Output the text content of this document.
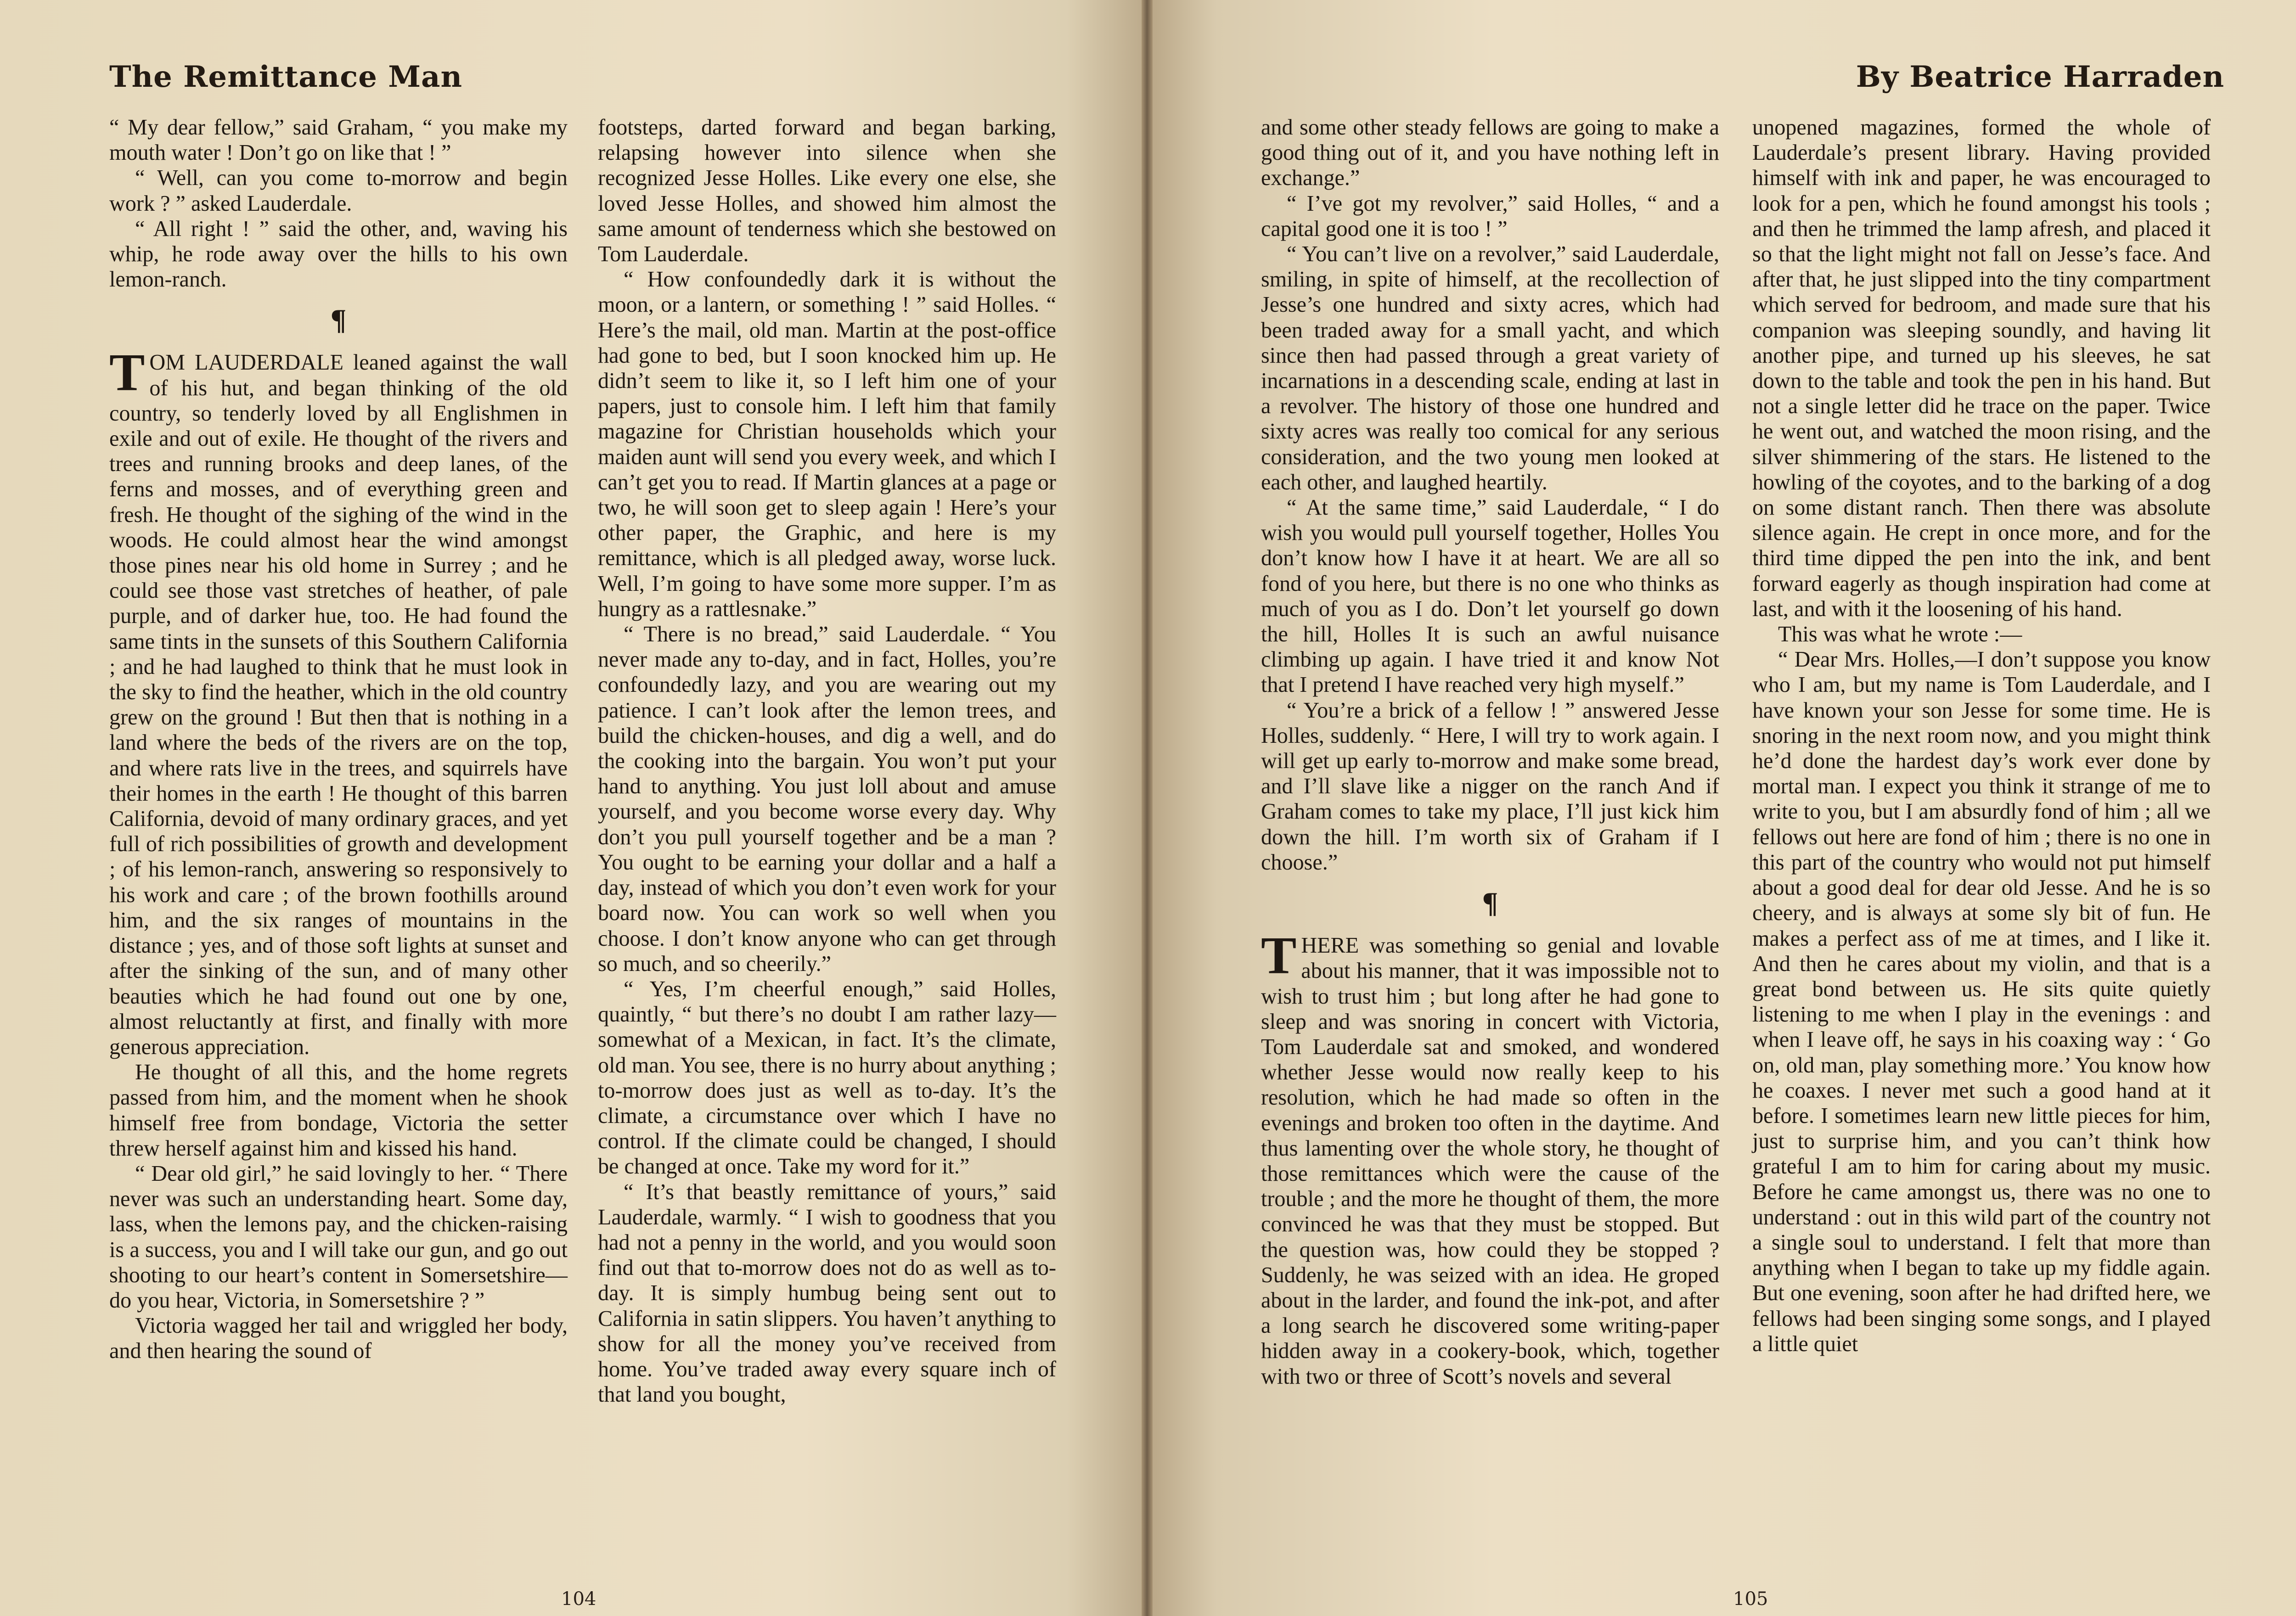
The Remittance Man

“ My dear fellow,” said Graham, “ you make my mouth water ! Don’t go on like that ! ”

“ Well, can you come to-morrow and begin work ? ” asked Lauderdale.

“ All right ! ” said the other, and, waving his whip, he rode away over the hills to his own lemon-ranch.

¶

TOM LAUDERDALE leaned against the wall of his hut, and began thinking of the old country, so tenderly loved by all Englishmen in exile and out of exile. He thought of the rivers and trees and running brooks and deep lanes, of the ferns and mosses, and of everything green and fresh. He thought of the sighing of the wind in the woods. He could almost hear the wind amongst those pines near his old home in Surrey ; and he could see those vast stretches of heather, of pale purple, and of darker hue, too. He had found the same tints in the sunsets of this Southern California ; and he had laughed to think that he must look in the sky to find the heather, which in the old country grew on the ground ! But then that is nothing in a land where the beds of the rivers are on the top, and where rats live in the trees, and squirrels have their homes in the earth ! He thought of this barren California, devoid of many ordinary graces, and yet full of rich possibilities of growth and development ; of his lemon-ranch, answering so responsively to his work and care ; of the brown foothills around him, and the six ranges of mountains in the distance ; yes, and of those soft lights at sunset and after the sinking of the sun, and of many other beauties which he had found out one by one, almost reluctantly at first, and finally with more generous appreciation.

He thought of all this, and the home regrets passed from him, and the moment when he shook himself free from bondage, Victoria the setter threw herself against him and kissed his hand.

“ Dear old girl,” he said lovingly to her. “ There never was such an understanding heart. Some day, lass, when the lemons pay, and the chicken-raising is a success, you and I will take our gun, and go out shooting to our heart’s content in Somersetshire—do you hear, Victoria, in Somersetshire ? ”

Victoria wagged her tail and wriggled her body, and then hearing the sound of

footsteps, darted forward and began barking, relapsing however into silence when she recognized Jesse Holles. Like every one else, she loved Jesse Holles, and showed him almost the same amount of tenderness which she bestowed on Tom Lauderdale.

“ How confoundedly dark it is without the moon, or a lantern, or something ! ” said Holles. “ Here’s the mail, old man. Martin at the post-office had gone to bed, but I soon knocked him up. He didn’t seem to like it, so I left him one of your papers, just to console him. I left him that family magazine for Christian households which your maiden aunt will send you every week, and which I can’t get you to read. If Martin glances at a page or two, he will soon get to sleep again ! Here’s your other paper, the Graphic, and here is my remittance, which is all pledged away, worse luck. Well, I’m going to have some more supper. I’m as hungry as a rattlesnake.”

“ There is no bread,” said Lauderdale. “ You never made any to-day, and in fact, Holles, you’re confoundedly lazy, and you are wearing out my patience. I can’t look after the lemon trees, and build the chicken-houses, and dig a well, and do the cooking into the bargain. You won’t put your hand to anything. You just loll about and amuse yourself, and you become worse every day. Why don’t you pull yourself together and be a man ? You ought to be earning your dollar and a half a day, instead of which you don’t even work for your board now. You can work so well when you choose. I don’t know anyone who can get through so much, and so cheerily.”

“ Yes, I’m cheerful enough,” said Holles, quaintly, “ but there’s no doubt I am rather lazy—somewhat of a Mexican, in fact. It’s the climate, old man. You see, there is no hurry about anything ; to-morrow does just as well as to-day. It’s the climate, a circumstance over which I have no control. If the climate could be changed, I should be changed at once. Take my word for it.”

“ It’s that beastly remittance of yours,” said Lauderdale, warmly. “ I wish to goodness that you had not a penny in the world, and you would soon find out that to-morrow does not do as well as to-day. It is simply humbug being sent out to California in satin slippers. You haven’t anything to show for all the money you’ve received from home. You’ve traded away every square inch of that land you bought,

104
By Beatrice Harraden

and some other steady fellows are going to make a good thing out of it, and you have nothing left in exchange.”

“ I’ve got my revolver,” said Holles, “ and a capital good one it is too ! ”

“ You can’t live on a revolver,” said Lauderdale, smiling, in spite of himself, at the recollection of Jesse’s one hundred and sixty acres, which had been traded away for a small yacht, and which since then had passed through a great variety of incarnations in a descending scale, ending at last in a revolver. The history of those one hundred and sixty acres was really too comical for any serious consideration, and the two young men looked at each other, and laughed heartily.

“ At the same time,” said Lauderdale, “ I do wish you would pull yourself together, Holles You don’t know how I have it at heart. We are all so fond of you here, but there is no one who thinks as much of you as I do. Don’t let yourself go down the hill, Holles It is such an awful nuisance climbing up again. I have tried it and know Not that I pretend I have reached very high myself.”

“ You’re a brick of a fellow ! ” answered Jesse Holles, suddenly. “ Here, I will try to work again. I will get up early to-morrow and make some bread, and I’ll slave like a nigger on the ranch And if Graham comes to take my place, I’ll just kick him down the hill. I’m worth six of Graham if I choose.”

¶

THERE was something so genial and lovable about his manner, that it was impossible not to wish to trust him ; but long after he had gone to sleep and was snoring in concert with Victoria, Tom Lauderdale sat and smoked, and wondered whether Jesse would now really keep to his resolution, which he had made so often in the evenings and broken too often in the daytime. And thus lamenting over the whole story, he thought of those remittances which were the cause of the trouble ; and the more he thought of them, the more convinced he was that they must be stopped. But the question was, how could they be stopped ? Suddenly, he was seized with an idea. He groped about in the larder, and found the ink-pot, and after a long search he discovered some writing-paper hidden away in a cookery-book, which, together with two or three of Scott’s novels and several

unopened magazines, formed the whole of Lauderdale’s present library. Having provided himself with ink and paper, he was encouraged to look for a pen, which he found amongst his tools ; and then he trimmed the lamp afresh, and placed it so that the light might not fall on Jesse’s face. And after that, he just slipped into the tiny compartment which served for bedroom, and made sure that his companion was sleeping soundly, and having lit another pipe, and turned up his sleeves, he sat down to the table and took the pen in his hand. But not a single letter did he trace on the paper. Twice he went out, and watched the moon rising, and the silver shimmering of the stars. He listened to the howling of the coyotes, and to the barking of a dog on some distant ranch. Then there was absolute silence again. He crept in once more, and for the third time dipped the pen into the ink, and bent forward eagerly as though inspiration had come at last, and with it the loosening of his hand.

This was what he wrote :—

“ Dear Mrs. Holles,—I don’t suppose you know who I am, but my name is Tom Lauderdale, and I have known your son Jesse for some time. He is snoring in the next room now, and you might think he’d done the hardest day’s work ever done by mortal man. I expect you think it strange of me to write to you, but I am absurdly fond of him ; all we fellows out here are fond of him ; there is no one in this part of the country who would not put himself about a good deal for dear old Jesse. And he is so cheery, and is always at some sly bit of fun. He makes a perfect ass of me at times, and I like it. And then he cares about my violin, and that is a great bond between us. He sits quite quietly listening to me when I play in the evenings : and when I leave off, he says in his coaxing way : ‘ Go on, old man, play something more.’ You know how he coaxes. I never met such a good hand at it before. I sometimes learn new little pieces for him, just to surprise him, and you can’t think how grateful I am to him for caring about my music. Before he came amongst us, there was no one to understand : out in this wild part of the country not a single soul to understand. I felt that more than anything when I began to take up my fiddle again. But one evening, soon after he had drifted here, we fellows had been singing some songs, and I played a little quiet

105
